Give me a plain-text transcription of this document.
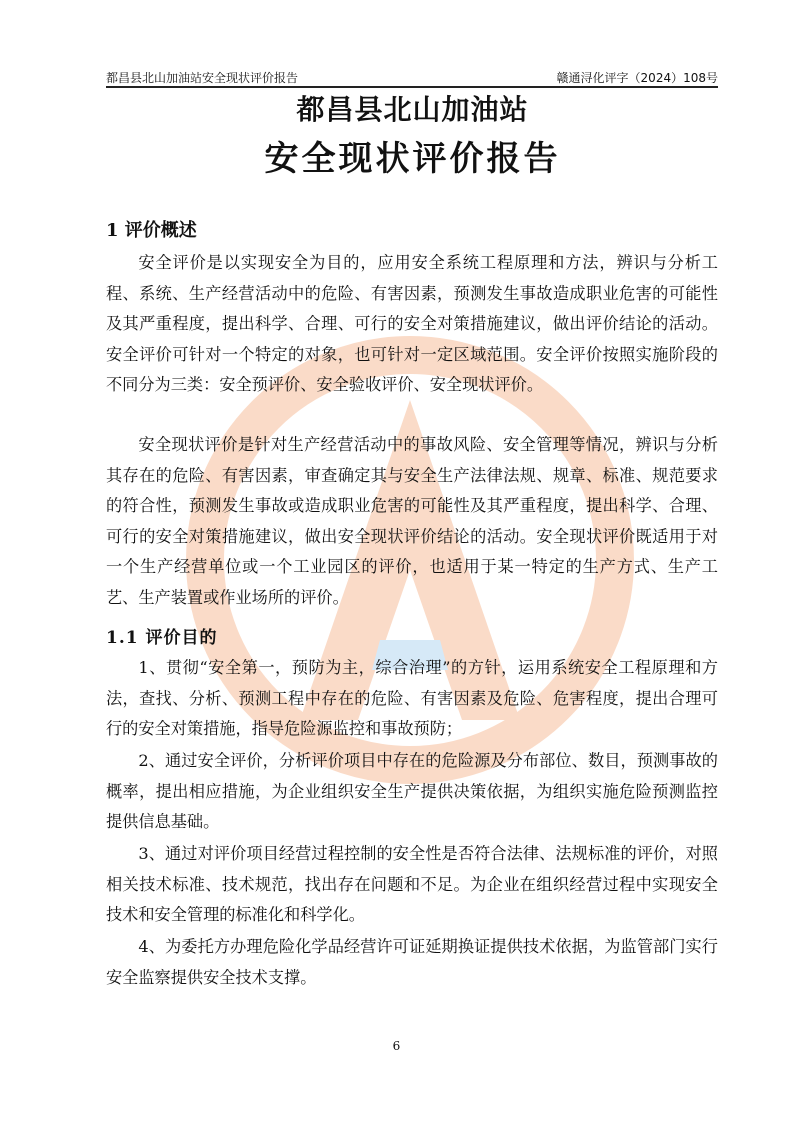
都昌县北山加油站安全现状评价报告	赣通浔化评字（2024）108号
都昌县北山加油站
安全现状评价报告
1 评价概述

安全评价是以实现安全为目的，应用安全系统工程原理和方法，辨识与分析工程、系统、生产经营活动中的危险、有害因素，预测发生事故造成职业危害的可能性及其严重程度，提出科学、合理、可行的安全对策措施建议，做出评价结论的活动。安全评价可针对一个特定的对象，也可针对一定区域范围。安全评价按照实施阶段的不同分为三类：安全预评价、安全验收评价、安全现状评价。

安全现状评价是针对生产经营活动中的事故风险、安全管理等情况，辨识与分析其存在的危险、有害因素，审查确定其与安全生产法律法规、规章、标准、规范要求的符合性，预测发生事故或造成职业危害的可能性及其严重程度，提出科学、合理、可行的安全对策措施建议，做出安全现状评价结论的活动。安全现状评价既适用于对一个生产经营单位或一个工业园区的评价，也适用于某一特定的生产方式、生产工艺、生产装置或作业场所的评价。

1.1 评价目的

1、贯彻“安全第一，预防为主，综合治理”的方针，运用系统安全工程原理和方法，查找、分析、预测工程中存在的危险、有害因素及危险、危害程度，提出合理可行的安全对策措施，指导危险源监控和事故预防；

2、通过安全评价，分析评价项目中存在的危险源及分布部位、数目，预测事故的概率，提出相应措施，为企业组织安全生产提供决策依据，为组织实施危险预测监控提供信息基础。

3、通过对评价项目经营过程控制的安全性是否符合法律、法规标准的评价，对照相关技术标准、技术规范，找出存在问题和不足。为企业在组织经营过程中实现安全技术和安全管理的标准化和科学化。

4、为委托方办理危险化学品经营许可证延期换证提供技术依据，为监管部门实行安全监察提供安全技术支撑。

6
